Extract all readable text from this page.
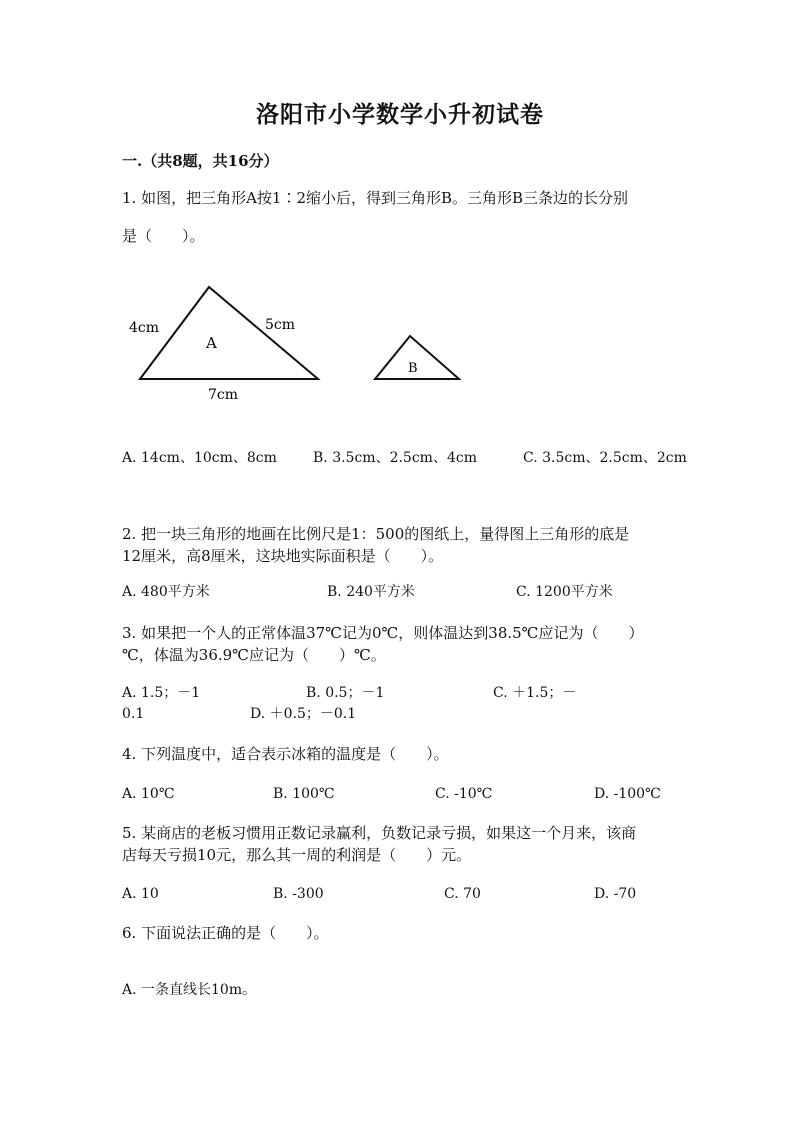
洛阳市小学数学小升初试卷
一.（共8题，共16分）
1. 如图，把三角形A按1∶2缩小后，得到三角形B。三角形B三条边的长分别
是（　　）。
4cm	5cm
7cm
A
B
A. 14cm、10cm、8cm	B. 3.5cm、2.5cm、4cm	C. 3.5cm、2.5cm、2cm
2. 把一块三角形的地画在比例尺是1：500的图纸上，量得图上三角形的底是
12厘米，高8厘米，这块地实际面积是（　　）。
A. 480平方米	B. 240平方米	C. 1200平方米
3. 如果把一个人的正常体温37℃记为0℃，则体温达到38.5℃应记为（　　）
℃，体温为36.9℃应记为（　　）℃。
A. 1.5；－1	B. 0.5；－1	C. ＋1.5；－
0.1	D. ＋0.5；－0.1
4. 下列温度中，适合表示冰箱的温度是（　　）。
A. 10℃	B. 100℃	C. -10℃	D. -100℃
5. 某商店的老板习惯用正数记录赢利，负数记录亏损，如果这一个月来，该商
店每天亏损10元，那么其一周的利润是（　　）元。
A. 10	B. -300	C. 70	D. -70
6. 下面说法正确的是（　　）。
A. 一条直线长10m。
